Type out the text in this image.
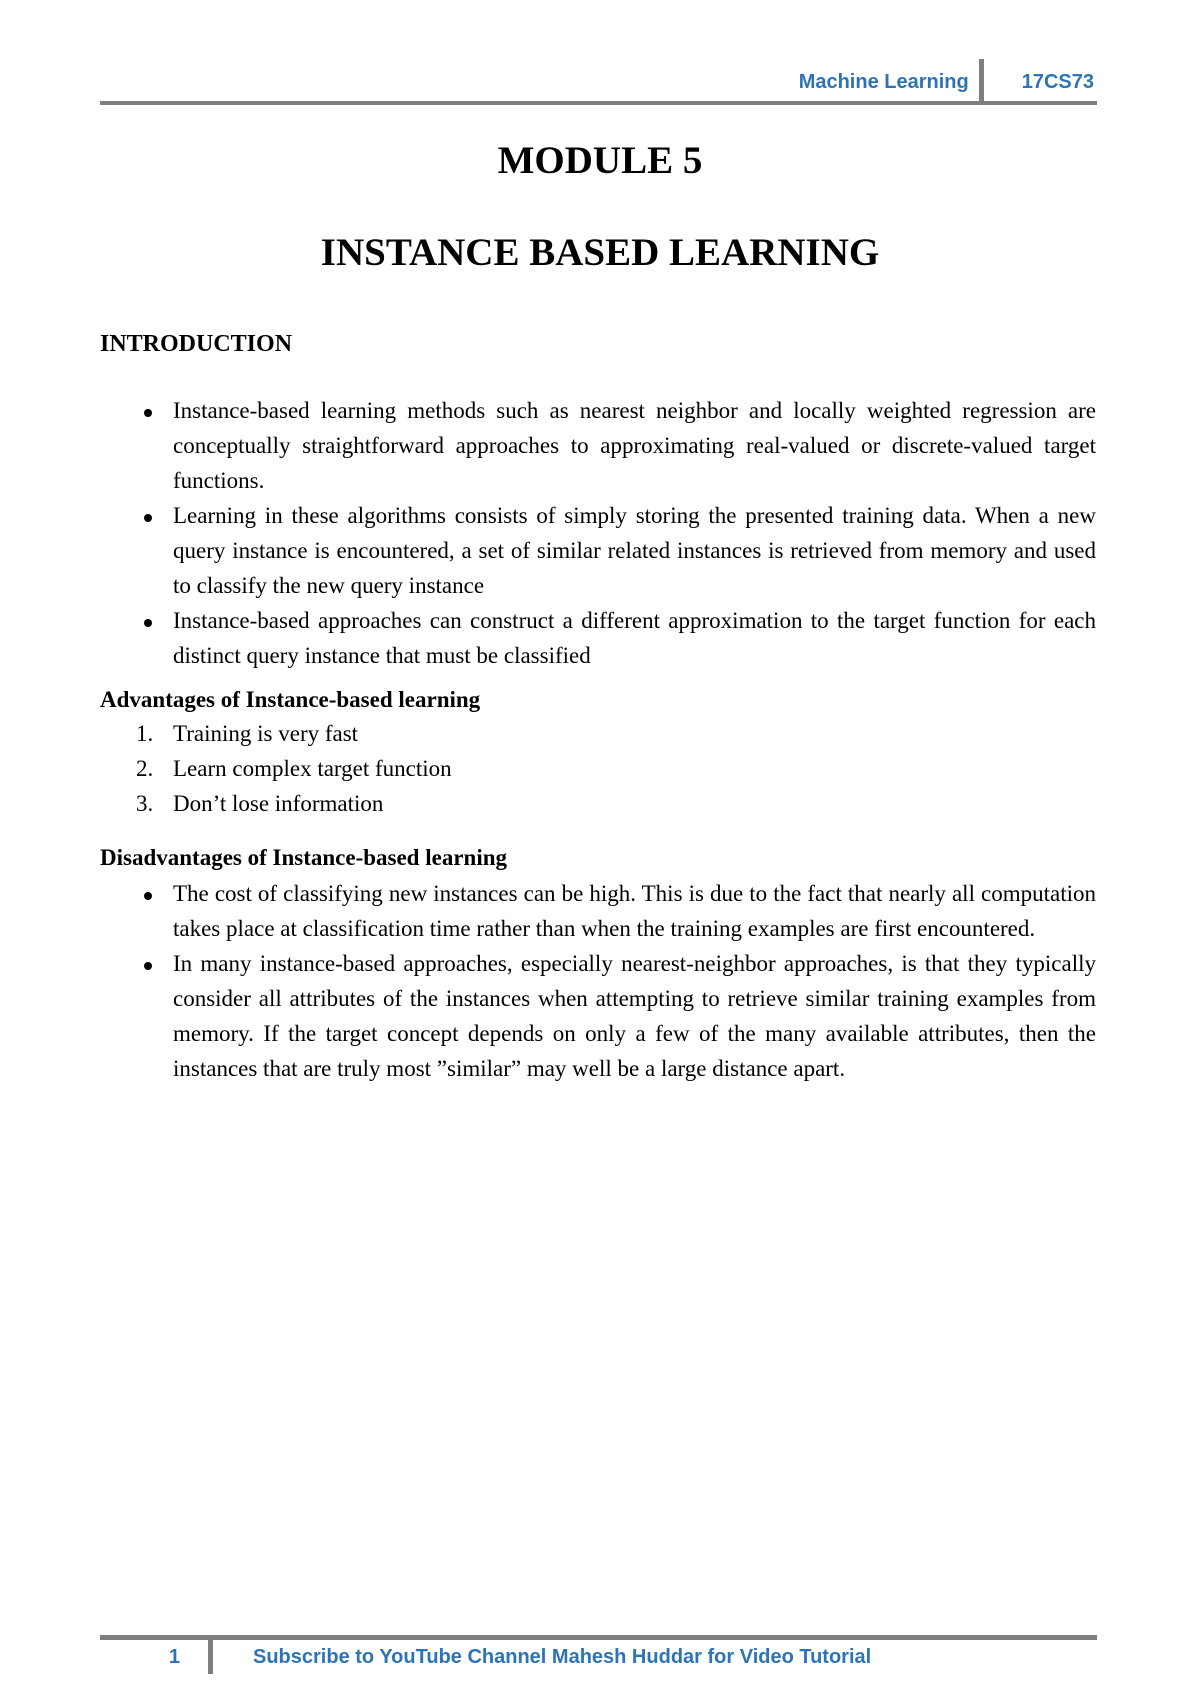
Machine Learning	17CS73
MODULE 5
INSTANCE BASED LEARNING
INTRODUCTION
Instance-based learning methods such as nearest neighbor and locally weighted regression are conceptually straightforward approaches to approximating real-valued or discrete-valued target functions.
Learning in these algorithms consists of simply storing the presented training data. When a new query instance is encountered, a set of similar related instances is retrieved from memory and used to classify the new query instance
Instance-based approaches can construct a different approximation to the target function for each distinct query instance that must be classified
Advantages of Instance-based learning
1. Training is very fast
2. Learn complex target function
3. Don’t lose information
Disadvantages of Instance-based learning
The cost of classifying new instances can be high. This is due to the fact that nearly all computation takes place at classification time rather than when the training examples are first encountered.
In many instance-based approaches, especially nearest-neighbor approaches, is that they typically consider all attributes of the instances when attempting to retrieve similar training examples from memory. If the target concept depends on only a few of the many available attributes, then the instances that are truly most ”similar” may well be a large distance apart.
1	Subscribe to YouTube Channel Mahesh Huddar for Video Tutorial
